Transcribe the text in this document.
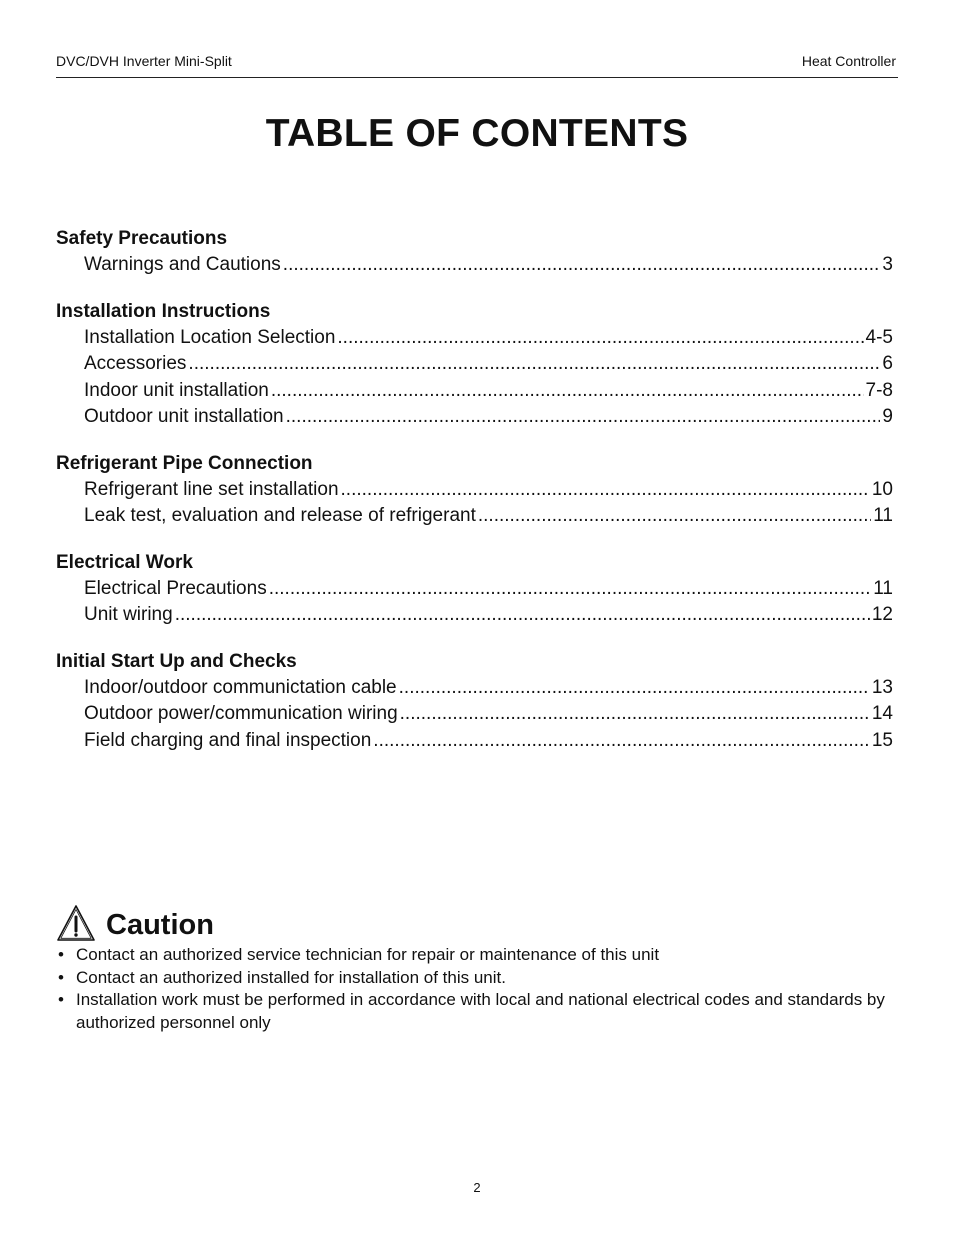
DVC/DVH Inverter Mini-Split	Heat Controller
TABLE OF CONTENTS
Safety Precautions
Warnings and Cautions .....	3
Installation Instructions
Installation Location Selection .....	4-5
Accessories .....	6
Indoor unit installation .....	7-8
Outdoor unit installation .....	9
Refrigerant Pipe Connection
Refrigerant line set installation .....	10
Leak test, evaluation and release of refrigerant .....	11
Electrical Work
Electrical Precautions .....	11
Unit wiring .....	12
Initial Start Up and Checks
Indoor/outdoor communictation cable .....	13
Outdoor power/communication wiring .....	14
Field charging and final inspection .....	15
Caution
• Contact an authorized service technician for repair or maintenance of this unit
• Contact an authorized installed for installation of this unit.
• Installation work must be performed in accordance with local and national electrical codes and standards by authorized personnel only
2
